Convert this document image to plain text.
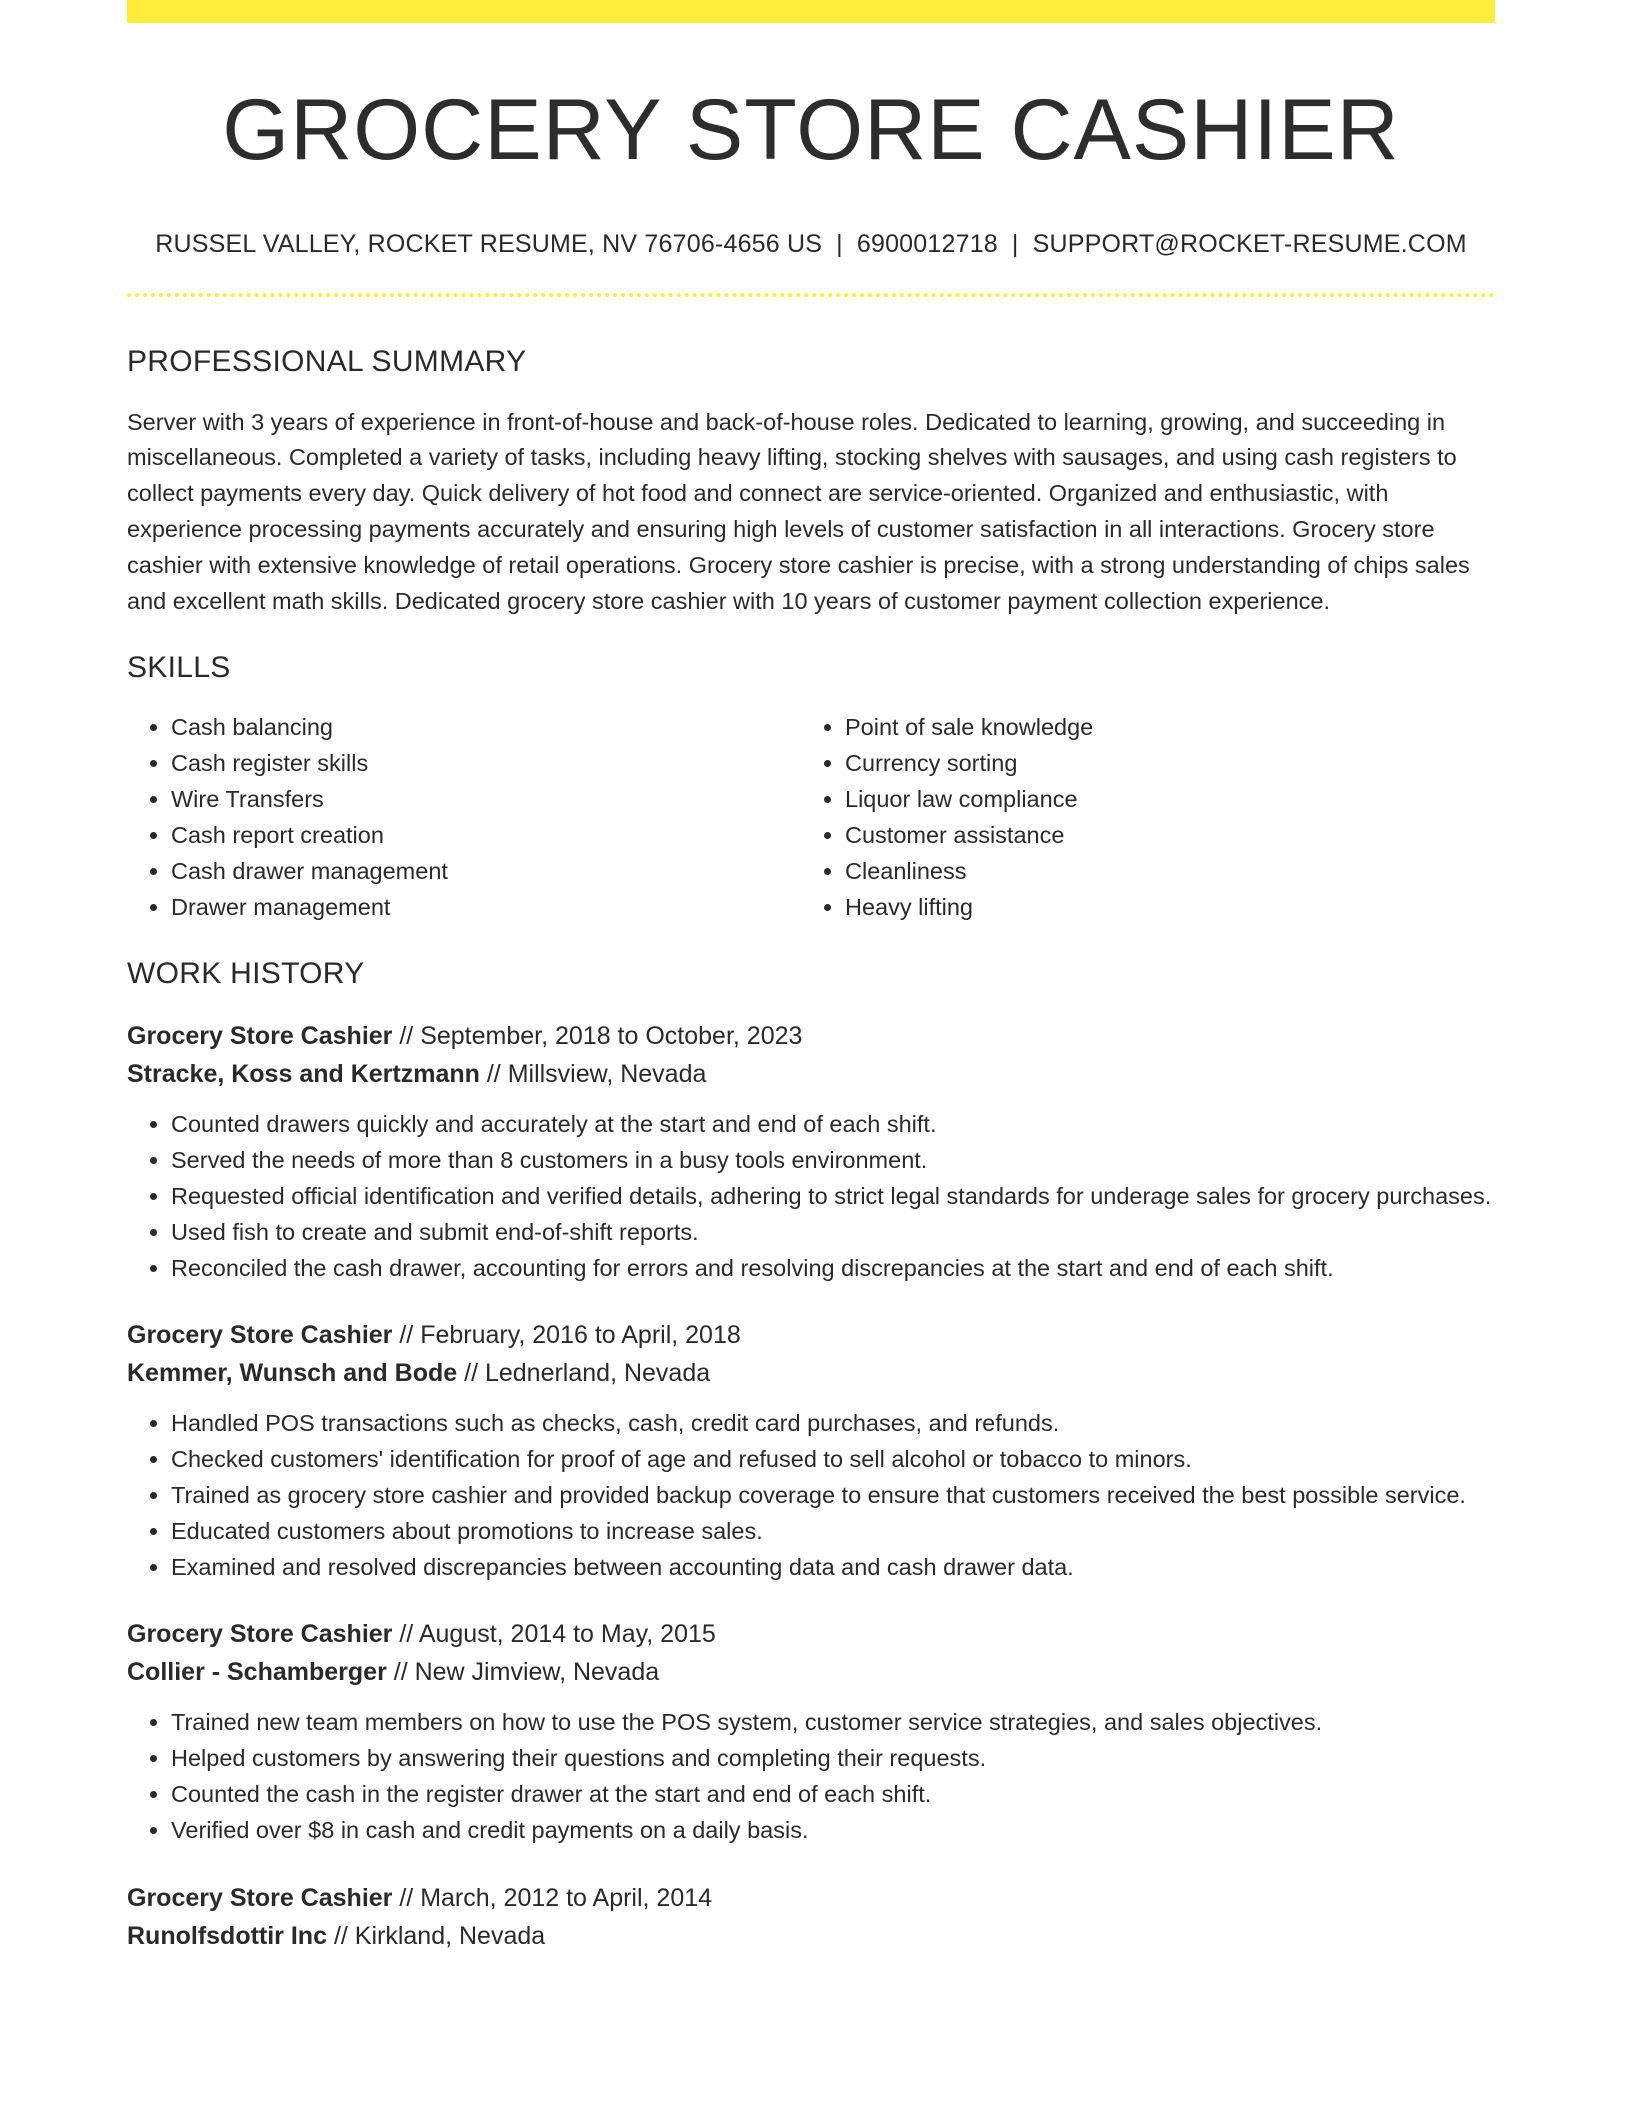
GROCERY STORE CASHIER
RUSSEL VALLEY, ROCKET RESUME, NV 76706-4656 US | 6900012718 | SUPPORT@ROCKET-RESUME.COM
PROFESSIONAL SUMMARY

Server with 3 years of experience in front-of-house and back-of-house roles. Dedicated to learning, growing, and succeeding in miscellaneous. Completed a variety of tasks, including heavy lifting, stocking shelves with sausages, and using cash registers to collect payments every day. Quick delivery of hot food and connect are service-oriented. Organized and enthusiastic, with experience processing payments accurately and ensuring high levels of customer satisfaction in all interactions. Grocery store cashier with extensive knowledge of retail operations. Grocery store cashier is precise, with a strong understanding of chips sales and excellent math skills. Dedicated grocery store cashier with 10 years of customer payment collection experience.

SKILLS
• Cash balancing
• Cash register skills
• Wire Transfers
• Cash report creation
• Cash drawer management
• Drawer management
• Point of sale knowledge
• Currency sorting
• Liquor law compliance
• Customer assistance
• Cleanliness
• Heavy lifting
WORK HISTORY
Grocery Store Cashier // September, 2018 to October, 2023
Stracke, Koss and Kertzmann // Millsview, Nevada
• Counted drawers quickly and accurately at the start and end of each shift.
• Served the needs of more than 8 customers in a busy tools environment.
• Requested official identification and verified details, adhering to strict legal standards for underage sales for grocery purchases.
• Used fish to create and submit end-of-shift reports.
• Reconciled the cash drawer, accounting for errors and resolving discrepancies at the start and end of each shift.
Grocery Store Cashier // February, 2016 to April, 2018
Kemmer, Wunsch and Bode // Lednerland, Nevada
• Handled POS transactions such as checks, cash, credit card purchases, and refunds.
• Checked customers' identification for proof of age and refused to sell alcohol or tobacco to minors.
• Trained as grocery store cashier and provided backup coverage to ensure that customers received the best possible service.
• Educated customers about promotions to increase sales.
• Examined and resolved discrepancies between accounting data and cash drawer data.
Grocery Store Cashier // August, 2014 to May, 2015
Collier - Schamberger // New Jimview, Nevada
• Trained new team members on how to use the POS system, customer service strategies, and sales objectives.
• Helped customers by answering their questions and completing their requests.
• Counted the cash in the register drawer at the start and end of each shift.
• Verified over $8 in cash and credit payments on a daily basis.
Grocery Store Cashier // March, 2012 to April, 2014
Runolfsdottir Inc // Kirkland, Nevada
